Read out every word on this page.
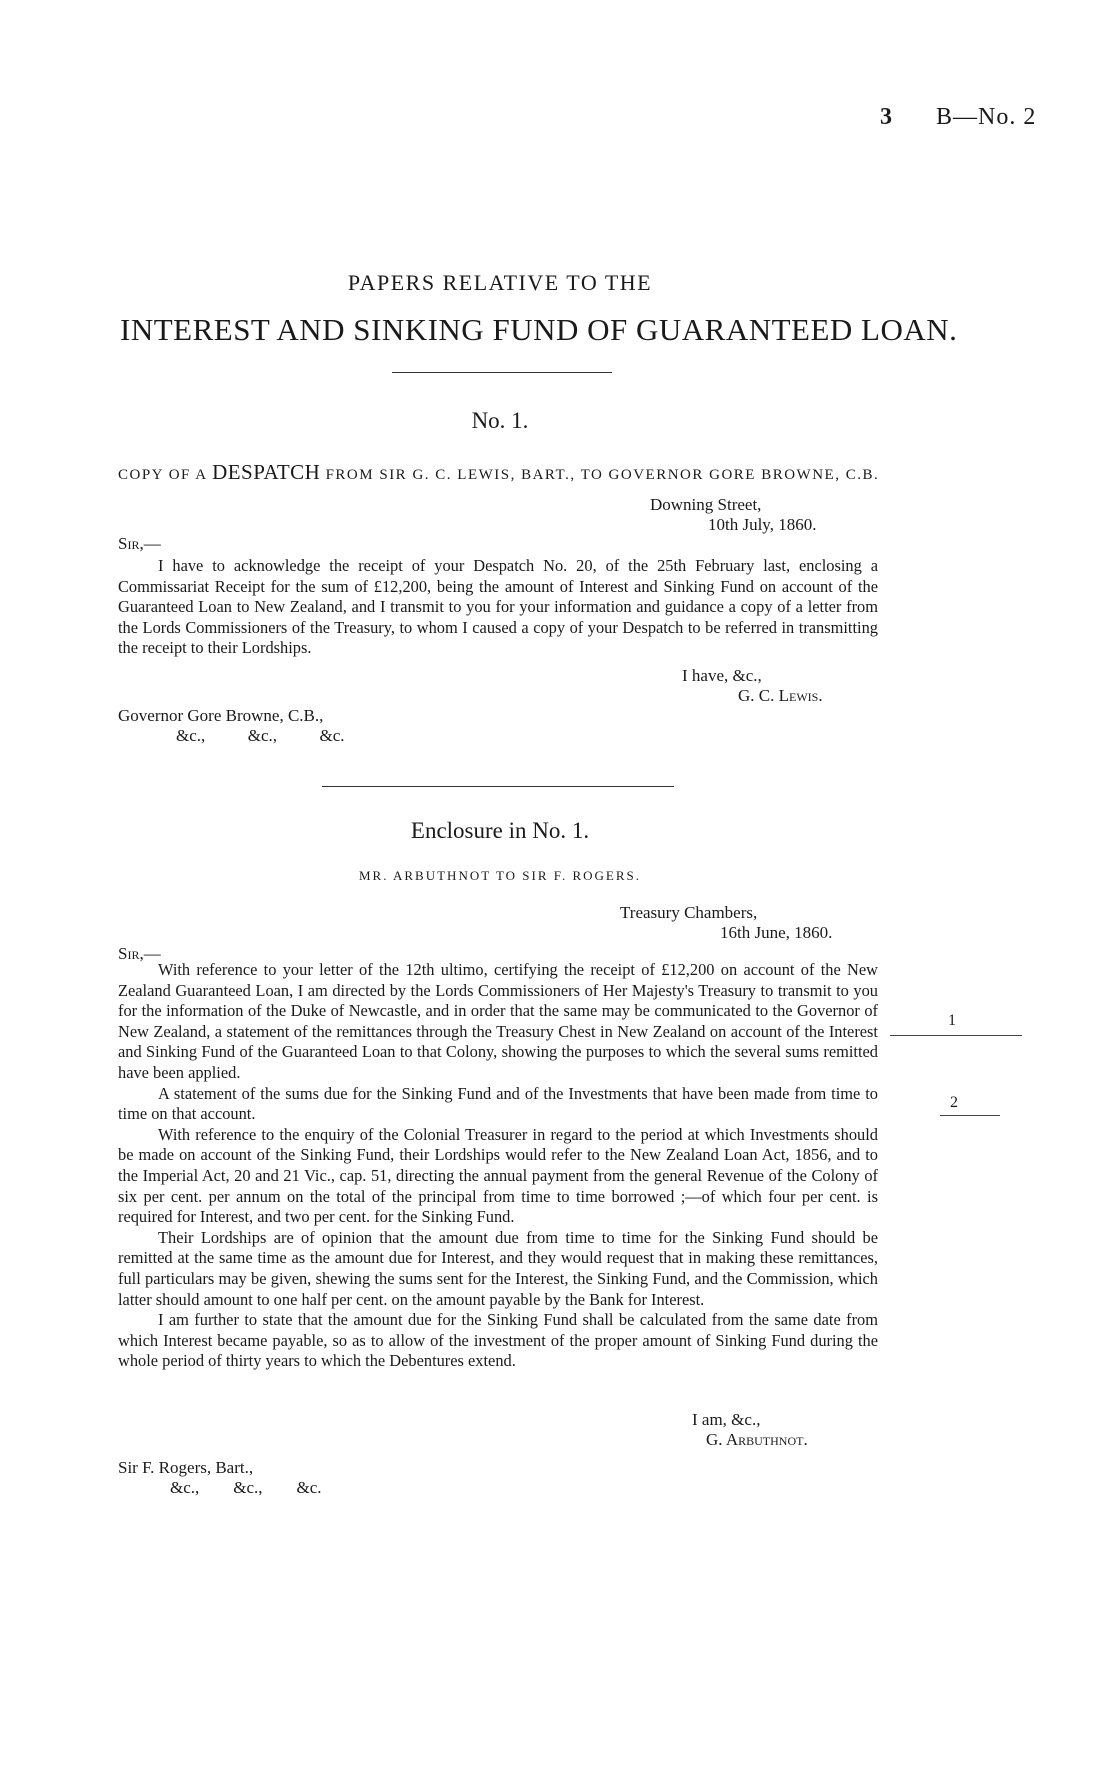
3 B—No. 2
PAPERS RELATIVE TO THE
INTEREST AND SINKING FUND OF GUARANTEED LOAN.
No. 1.
COPY OF A DESPATCH FROM SIR G. C. LEWIS, BART., TO GOVERNOR GORE BROWNE, C.B.
Downing Street,
10th July, 1860.
Sir,—

I have to acknowledge the receipt of your Despatch No. 20, of the 25th February last, enclosing a Commissariat Receipt for the sum of £12,200, being the amount of Interest and Sinking Fund on account of the Guaranteed Loan to New Zealand, and I transmit to you for your information and guidance a copy of a letter from the Lords Commissioners of the Treasury, to whom I caused a copy of your Despatch to be referred in transmitting the receipt to their Lordships.

I have, &c.,
G. C. Lewis.
Governor Gore Browne, C.B.,
&c.,          &c.,          &c.
Enclosure in No. 1.
MR. ARBUTHNOT TO SIR F. ROGERS.
Treasury Chambers,
16th June, 1860.
Sir,—

With reference to your letter of the 12th ultimo, certifying the receipt of £12,200 on account of the New Zealand Guaranteed Loan, I am directed by the Lords Commissioners of Her Majesty's Treasury to transmit to you for the information of the Duke of Newcastle, and in order that the same may be communicated to the Governor of New Zealand, a statement of the remittances through the Treasury Chest in New Zealand on account of the Interest and Sinking Fund of the Guaranteed Loan to that Colony, showing the purposes to which the several sums remitted have been applied.

A statement of the sums due for the Sinking Fund and of the Investments that have been made from time to time on that account.

With reference to the enquiry of the Colonial Treasurer in regard to the period at which Investments should be made on account of the Sinking Fund, their Lordships would refer to the New Zealand Loan Act, 1856, and to the Imperial Act, 20 and 21 Vic., cap. 51, directing the annual payment from the general Revenue of the Colony of six per cent. per annum on the total of the principal from time to time borrowed ;—of which four per cent. is required for Interest, and two per cent. for the Sinking Fund.

Their Lordships are of opinion that the amount due from time to time for the Sinking Fund should be remitted at the same time as the amount due for Interest, and they would request that in making these remittances, full particulars may be given, shewing the sums sent for the Interest, the Sinking Fund, and the Commission, which latter should amount to one half per cent. on the amount payable by the Bank for Interest.

I am further to state that the amount due for the Sinking Fund shall be calculated from the same date from which Interest became payable, so as to allow of the investment of the proper amount of Sinking Fund during the whole period of thirty years to which the Debentures extend.

1
2
I am, &c.,
G. Arbuthnot.
Sir F. Rogers, Bart.,
&c.,        &c.,        &c.
